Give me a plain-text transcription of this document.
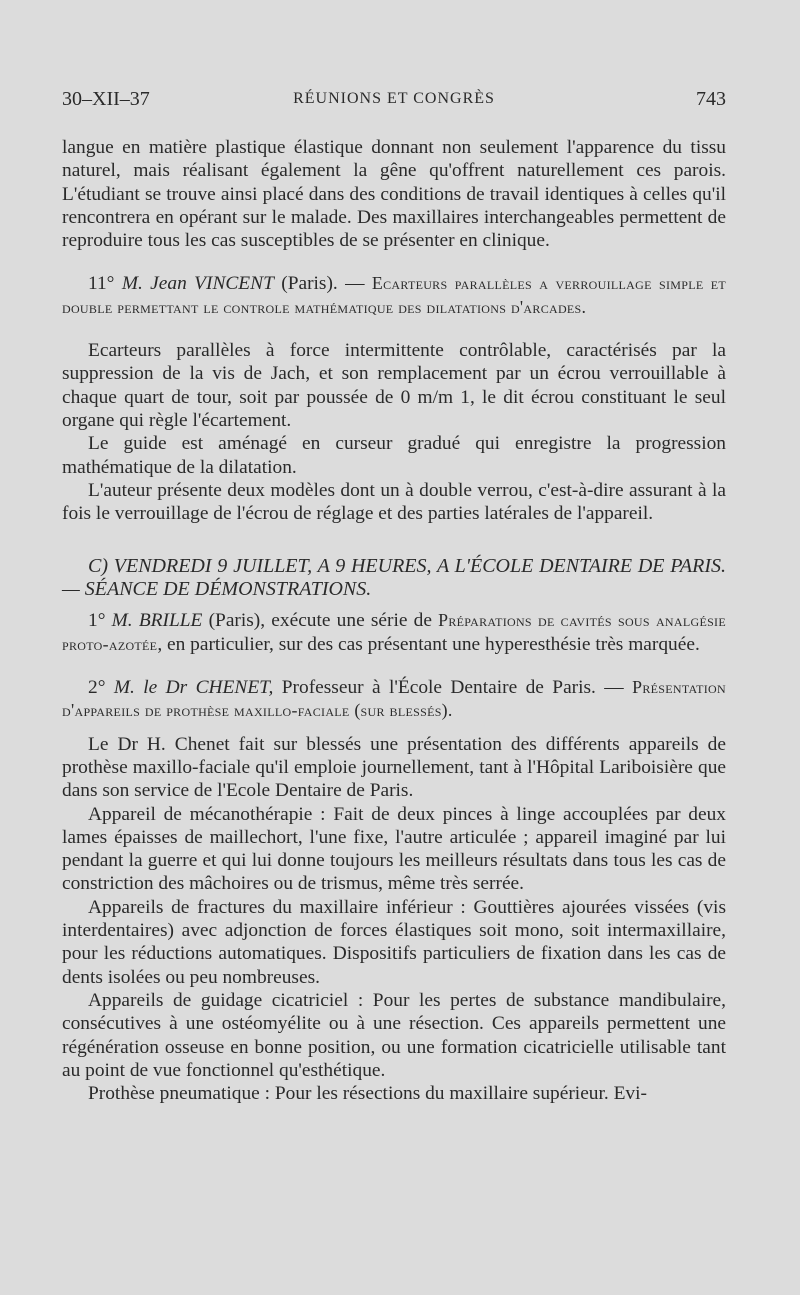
30–XII–37	RÉUNIONS ET CONGRÈS	743

langue en matière plastique élastique donnant non seulement l'apparence du tissu naturel, mais réalisant également la gêne qu'offrent naturellement ces parois. L'étudiant se trouve ainsi placé dans des conditions de travail identiques à celles qu'il rencontrera en opérant sur le malade. Des maxillaires interchangeables permettent de reproduire tous les cas susceptibles de se présenter en clinique.

11° M. Jean VINCENT (Paris). — Ecarteurs parallèles a verrouillage simple et double permettant le controle mathématique des dilatations d'arcades.

Ecarteurs parallèles à force intermittente contrôlable, caractérisés par la suppression de la vis de Jach, et son remplacement par un écrou verrouillable à chaque quart de tour, soit par poussée de 0 m/m 1, le dit écrou constituant le seul organe qui règle l'écartement.

Le guide est aménagé en curseur gradué qui enregistre la progression mathématique de la dilatation.

L'auteur présente deux modèles dont un à double verrou, c'est-à-dire assurant à la fois le verrouillage de l'écrou de réglage et des parties latérales de l'appareil.

C) VENDREDI 9 JUILLET, A 9 HEURES, A L'ÉCOLE DENTAIRE DE PARIS. — SÉANCE DE DÉMONSTRATIONS.

1° M. BRILLE (Paris), exécute une série de Préparations de cavités sous analgésie proto-azotée, en particulier, sur des cas présentant une hyperesthésie très marquée.

2° M. le Dr CHENET, Professeur à l'École Dentaire de Paris. — Présentation d'appareils de prothèse maxillo-faciale (sur blessés).

Le Dr H. Chenet fait sur blessés une présentation des différents appareils de prothèse maxillo-faciale qu'il emploie journellement, tant à l'Hôpital Lariboisière que dans son service de l'Ecole Dentaire de Paris.

Appareil de mécanothérapie : Fait de deux pinces à linge accouplées par deux lames épaisses de maillechort, l'une fixe, l'autre articulée ; appareil imaginé par lui pendant la guerre et qui lui donne toujours les meilleurs résultats dans tous les cas de constriction des mâchoires ou de trismus, même très serrée.

Appareils de fractures du maxillaire inférieur : Gouttières ajourées vissées (vis interdentaires) avec adjonction de forces élastiques soit mono, soit intermaxillaire, pour les réductions automatiques. Dispositifs particuliers de fixation dans les cas de dents isolées ou peu nombreuses.

Appareils de guidage cicatriciel : Pour les pertes de substance mandibulaire, consécutives à une ostéomyélite ou à une résection. Ces appareils permettent une régénération osseuse en bonne position, ou une formation cicatricielle utilisable tant au point de vue fonctionnel qu'esthétique.

Prothèse pneumatique : Pour les résections du maxillaire supérieur. Evi-
